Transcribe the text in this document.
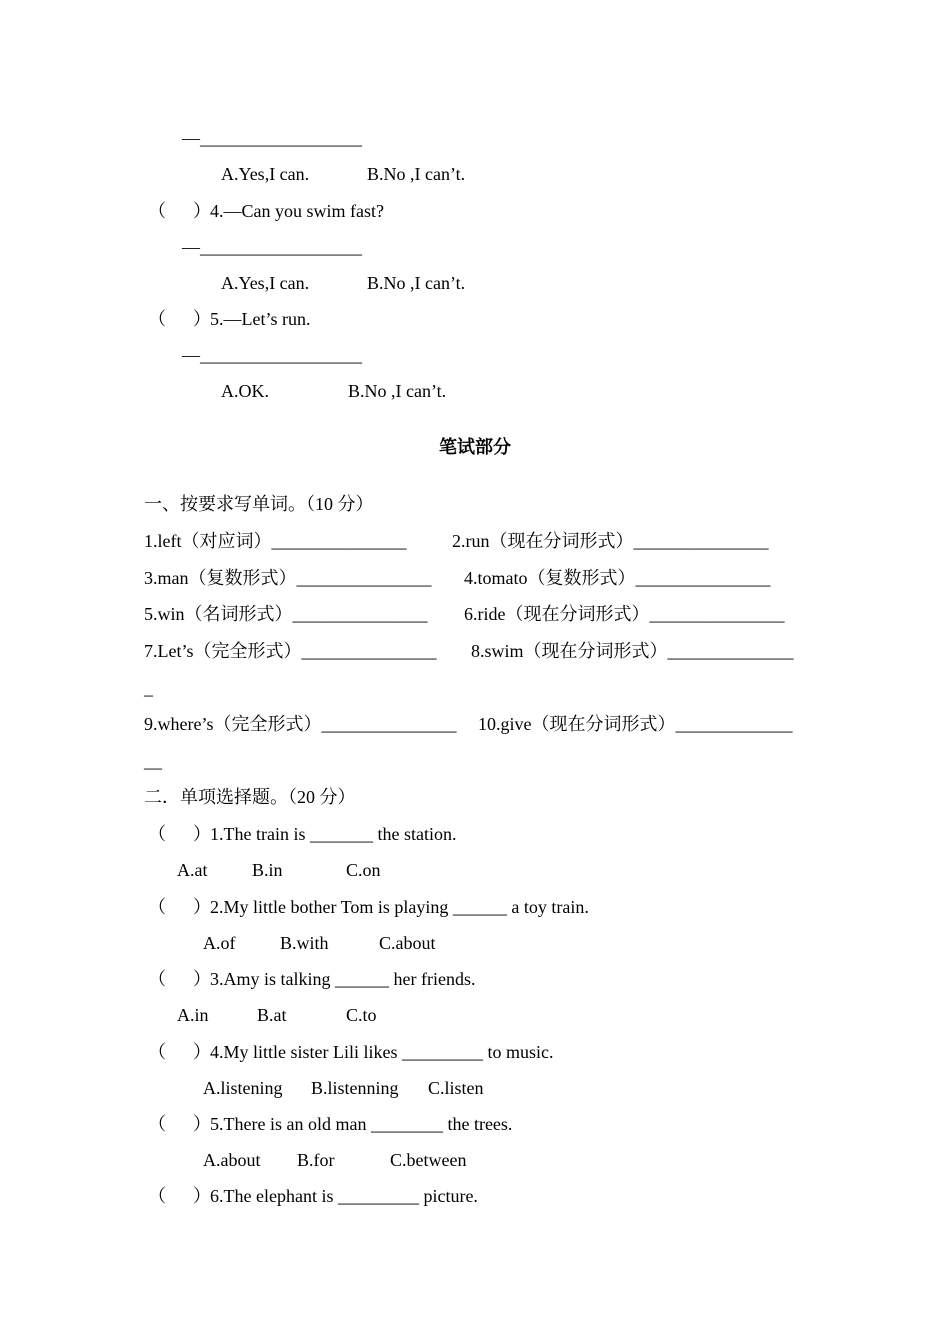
—__________________
A.Yes,I can.	B.No ,I can’t.
（      ） 4.—Can you swim fast?
—__________________
A.Yes,I can.	B.No ,I can’t.
（      ） 5.—Let’s run.
—__________________
A.OK.	B.No ,I can’t.
笔试部分
一、按要求写单词。（10 分）
1.left（对应词）_______________	2.run（现在分词形式）_______________
3.man（复数形式）_______________ 4.tomato（复数形式）_______________
5.win（名词形式）_______________ 6.ride（现在分词形式）_______________
7.Let’s（完全形式）_______________ 8.swim（现在分词形式）______________
_
9.where’s（完全形式）_______________ 10.give（现在分词形式）_____________
__
二．单项选择题。（20 分）
（      ） 1.The train is _______ the station.
A.at B.in	C.on
（      ） 2.My little bother Tom is playing ______ a toy train.
A.of B.with	C.about
（      ） 3.Amy is talking ______ her friends.
A.in	B.at	C.to
（      ） 4.My little sister Lili likes _________ to music.
A.listening B.listenning C.listen
（      ） 5.There is an old man ________ the trees.
A.about B.for	C.between
（      ） 6.The elephant is _________ picture.
